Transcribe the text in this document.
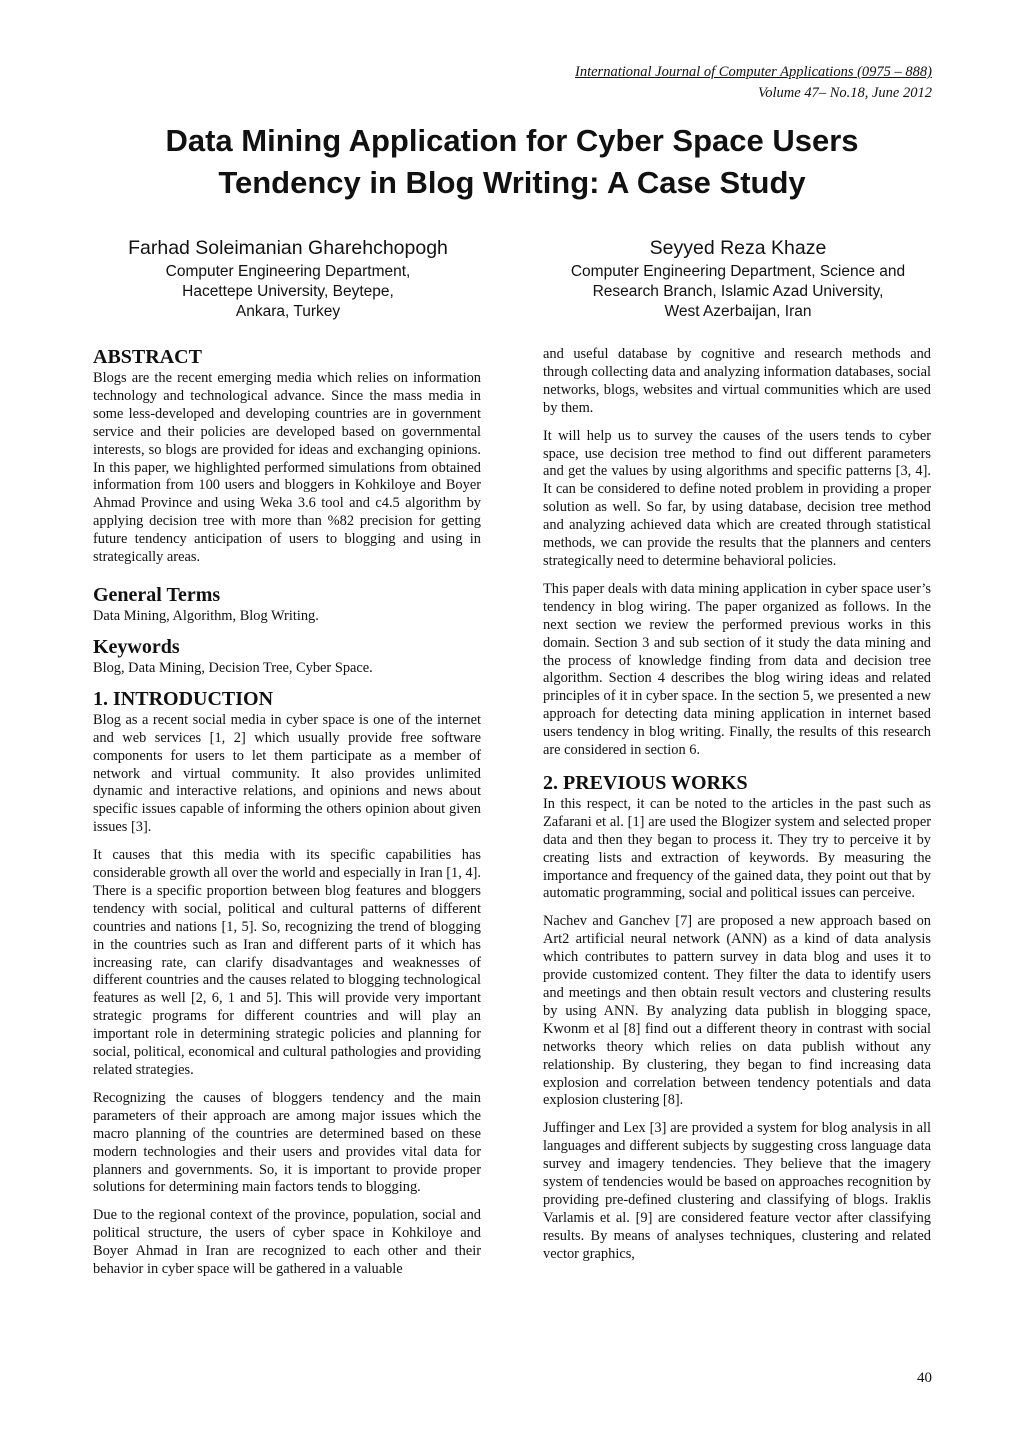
International Journal of Computer Applications (0975 – 888)
Volume 47– No.18, June 2012
Data Mining Application for Cyber Space Users
Tendency in Blog Writing: A Case Study
Farhad Soleimanian Gharehchopogh
Computer Engineering Department,
Hacettepe University, Beytepe,
Ankara, Turkey
Seyyed Reza Khaze
Computer Engineering Department, Science and
Research Branch, Islamic Azad University,
West Azerbaijan, Iran
ABSTRACT

Blogs are the recent emerging media which relies on information technology and technological advance. Since the mass media in some less-developed and developing countries are in government service and their policies are developed based on governmental interests, so blogs are provided for ideas and exchanging opinions. In this paper, we highlighted performed simulations from obtained information from 100 users and bloggers in Kohkiloye and Boyer Ahmad Province and using Weka 3.6 tool and c4.5 algorithm by applying decision tree with more than %82 precision for getting future tendency anticipation of users to blogging and using in strategically areas.

General Terms

Data Mining, Algorithm, Blog Writing.

Keywords

Blog, Data Mining, Decision Tree, Cyber Space.

1. INTRODUCTION

Blog as a recent social media in cyber space is one of the internet and web services [1, 2] which usually provide free software components for users to let them participate as a member of network and virtual community. It also provides unlimited dynamic and interactive relations, and opinions and news about specific issues capable of informing the others opinion about given issues [3].

It causes that this media with its specific capabilities has considerable growth all over the world and especially in Iran [1, 4]. There is a specific proportion between blog features and bloggers tendency with social, political and cultural patterns of different countries and nations [1, 5]. So, recognizing the trend of blogging in the countries such as Iran and different parts of it which has increasing rate, can clarify disadvantages and weaknesses of different countries and the causes related to blogging technological features as well [2, 6, 1 and 5]. This will provide very important strategic programs for different countries and will play an important role in determining strategic policies and planning for social, political, economical and cultural pathologies and providing related strategies.

Recognizing the causes of bloggers tendency and the main parameters of their approach are among major issues which the macro planning of the countries are determined based on these modern technologies and their users and provides vital data for planners and governments. So, it is important to provide proper solutions for determining main factors tends to blogging.

Due to the regional context of the province, population, social and political structure, the users of cyber space in Kohkiloye and Boyer Ahmad in Iran are recognized to each other and their behavior in cyber space will be gathered in a valuable

and useful database by cognitive and research methods and through collecting data and analyzing information databases, social networks, blogs, websites and virtual communities which are used by them.

It will help us to survey the causes of the users tends to cyber space, use decision tree method to find out different parameters and get the values by using algorithms and specific patterns [3, 4]. It can be considered to define noted problem in providing a proper solution as well. So far, by using database, decision tree method and analyzing achieved data which are created through statistical methods, we can provide the results that the planners and centers strategically need to determine behavioral policies.

This paper deals with data mining application in cyber space user’s tendency in blog wiring. The paper organized as follows. In the next section we review the performed previous works in this domain. Section 3 and sub section of it study the data mining and the process of knowledge finding from data and decision tree algorithm. Section 4 describes the blog wiring ideas and related principles of it in cyber space. In the section 5, we presented a new approach for detecting data mining application in internet based users tendency in blog writing. Finally, the results of this research are considered in section 6.

2. PREVIOUS WORKS

In this respect, it can be noted to the articles in the past such as Zafarani et al. [1] are used the Blogizer system and selected proper data and then they began to process it. They try to perceive it by creating lists and extraction of keywords. By measuring the importance and frequency of the gained data, they point out that by automatic programming, social and political issues can perceive.

Nachev and Ganchev [7] are proposed a new approach based on Art2 artificial neural network (ANN) as a kind of data analysis which contributes to pattern survey in data blog and uses it to provide customized content. They filter the data to identify users and meetings and then obtain result vectors and clustering results by using ANN. By analyzing data publish in blogging space, Kwonm et al [8] find out a different theory in contrast with social networks theory which relies on data publish without any relationship. By clustering, they began to find increasing data explosion and correlation between tendency potentials and data explosion clustering [8].

Juffinger and Lex [3] are provided a system for blog analysis in all languages and different subjects by suggesting cross language data survey and imagery tendencies. They believe that the imagery system of tendencies would be based on approaches recognition by providing pre-defined clustering and classifying of blogs. Iraklis Varlamis et al. [9] are considered feature vector after classifying results. By means of analyses techniques, clustering and related vector graphics,

40
